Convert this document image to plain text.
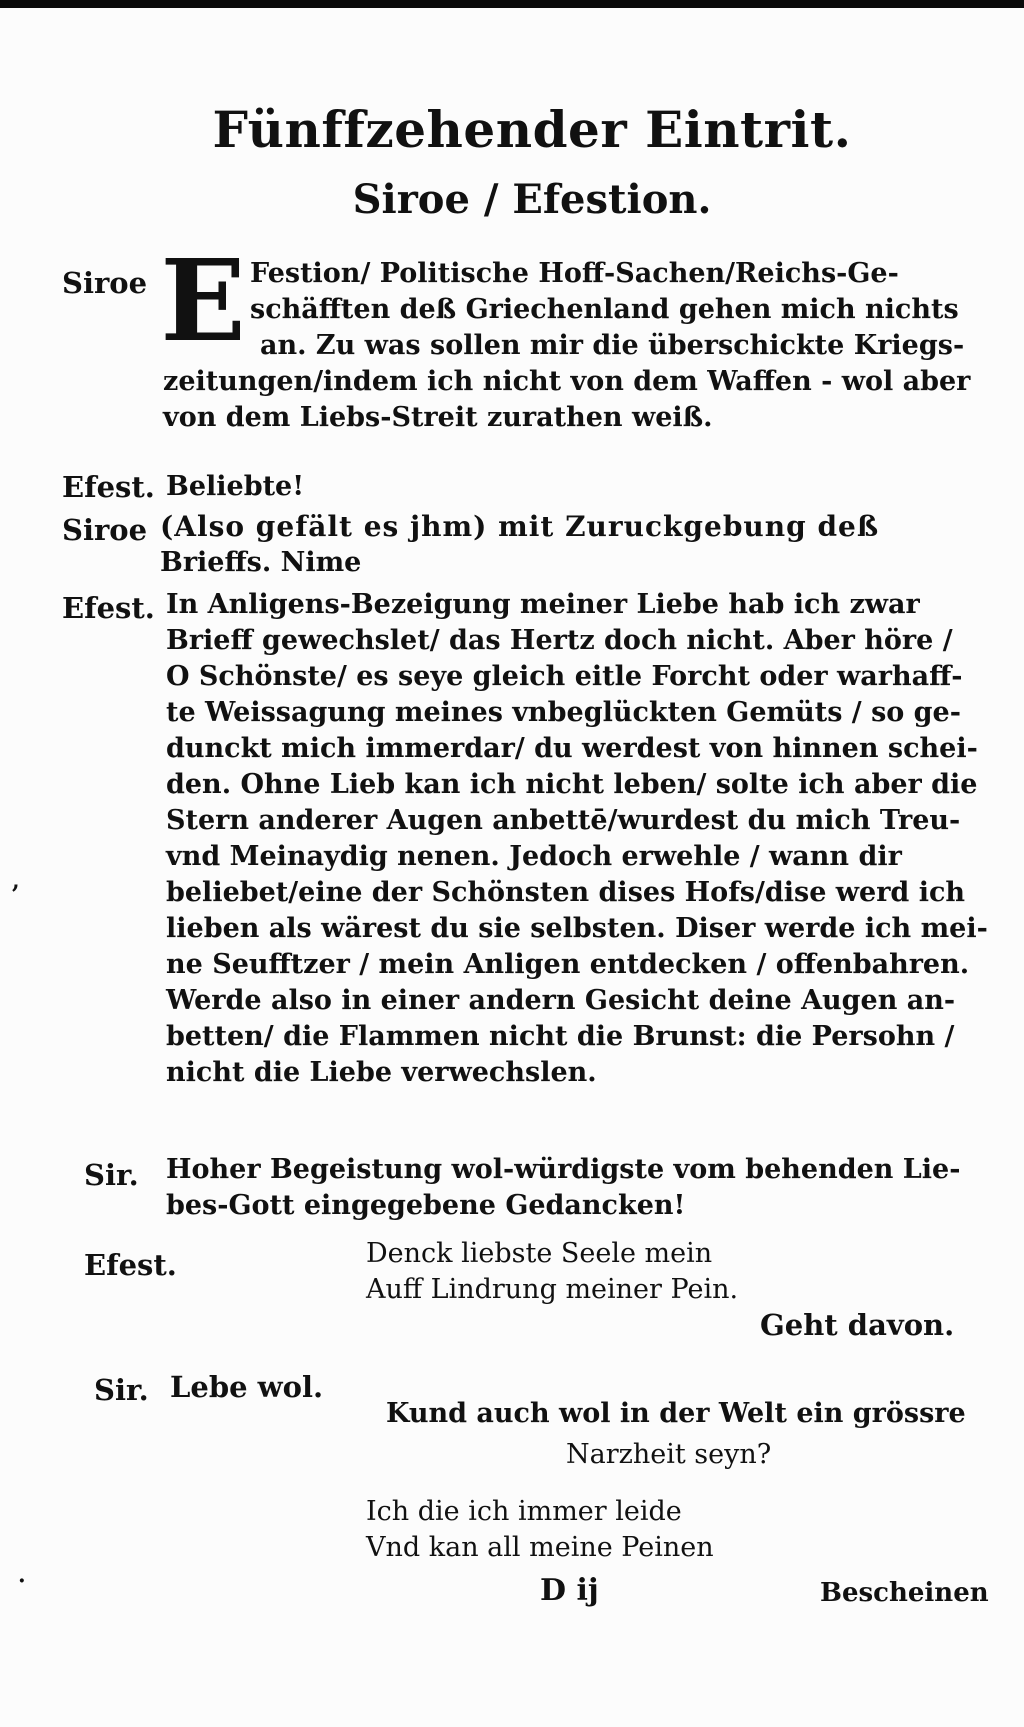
Fünffzehender Eintrit.
Siroe / Efestion.
Siroe E Festion/ Politische Hoff-Sachen/Reichs-Ge-
schäfften deß Griechenland gehen mich nichts
an. Zu was sollen mir die überschickte Kriegs-
zeitungen/indem ich nicht von dem Waffen - wol aber
von dem Liebs-Streit zurathen weiß.
Efest. Beliebte!
Siroe (Also gefält es jhm) mit Zuruckgebung deß
Brieffs. Nime
Efest. In Anligens-Bezeigung meiner Liebe hab ich zwar
Brieff gewechslet/ das Hertz doch nicht. Aber höre /
O Schönste/ es seye gleich eitle Forcht oder warhaff-
te Weissagung meines vnbeglückten Gemüts / so ge-
dunckt mich immerdar/ du werdest von hinnen schei-
den. Ohne Lieb kan ich nicht leben/ solte ich aber die
Stern anderer Augen anbettē/wurdest du mich Treu-
vnd Meinaydig nenen. Jedoch erwehle / wann dir
beliebet/eine der Schönsten dises Hofs/dise werd ich
lieben als wärest du sie selbsten. Diser werde ich mei-
ne Seufftzer / mein Anligen entdecken / offenbahren.
Werde also in einer andern Gesicht deine Augen an-
betten/ die Flammen nicht die Brunst: die Persohn /
nicht die Liebe verwechslen.
Sir. Hoher Begeistung wol-würdigste vom behenden Lie-
bes-Gott eingegebene Gedancken!
Efest.	Denck liebste Seele mein
Auff Lindrung meiner Pein.
Geht davon.
Sir. Lebe wol.
Kund auch wol in der Welt ein grössre
Narzheit seyn?
Ich die ich immer leide
Vnd kan all meine Peinen
D ij	Bescheinen
,
·
